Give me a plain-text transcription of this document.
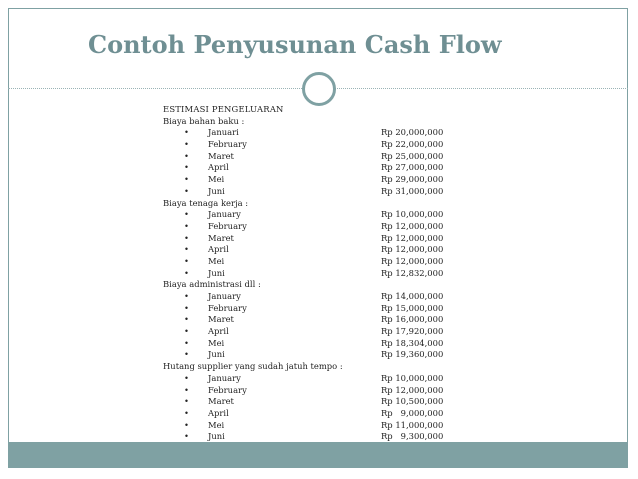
Contoh Penyusunan Cash Flow
ESTIMASI PENGELUARAN
Biaya bahan baku :
• Januari	Rp 20,000,000
• February	Rp 22,000,000
• Maret	Rp 25,000,000
• April	Rp 27,000,000
• Mei	Rp 29,000,000
• Juni	Rp 31,000,000
Biaya tenaga kerja :
• January	Rp 10,000,000
• February	Rp 12,000,000
• Maret	Rp 12,000,000
• April	Rp 12,000,000
• Mei	Rp 12,000,000
• Juni	Rp 12,832,000
Biaya administrasi dll :
• January	Rp 14,000,000
• February	Rp 15,000,000
• Maret	Rp 16,000,000
• April	Rp 17,920,000
• Mei	Rp 18,304,000
• Juni	Rp 19,360,000
Hutang supplier yang sudah jatuh tempo :
• January	Rp 10,000,000
• February	Rp 12,000,000
• Maret	Rp 10,500,000
• April	Rp   9,000,000
• Mei	Rp 11,000,000
• Juni	Rp   9,300,000
